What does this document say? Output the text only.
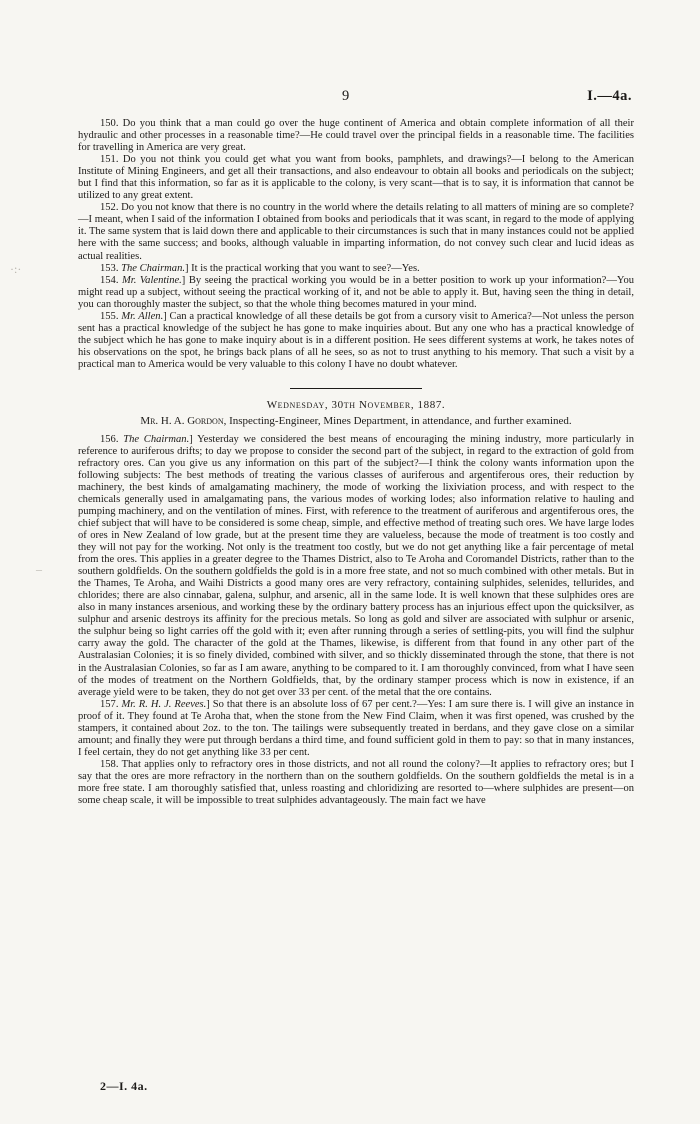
9	I.—4a.
·:·
–

150. Do you think that a man could go over the huge continent of America and obtain complete information of all their hydraulic and other processes in a reasonable time?—He could travel over the principal fields in a reasonable time. The facilities for travelling in America are very great.

151. Do you not think you could get what you want from books, pamphlets, and drawings?—I belong to the American Institute of Mining Engineers, and get all their transactions, and also endeavour to obtain all books and periodicals on the subject; but I find that this information, so far as it is applicable to the colony, is very scant—that is to say, it is information that cannot be utilized to any great extent.

152. Do you not know that there is no country in the world where the details relating to all matters of mining are so complete?—I meant, when I said of the information I obtained from books and periodicals that it was scant, in regard to the mode of applying it. The same system that is laid down there and applicable to their circumstances is such that in many instances could not be applied here with the same success; and books, although valuable in imparting information, do not convey such clear and lucid ideas as actual realities.

153. The Chairman.] It is the practical working that you want to see?—Yes.

154. Mr. Valentine.] By seeing the practical working you would be in a better position to work up your information?—You might read up a subject, without seeing the practical working of it, and not be able to apply it. But, having seen the thing in detail, you can thoroughly master the subject, so that the whole thing becomes matured in your mind.

155. Mr. Allen.] Can a practical knowledge of all these details be got from a cursory visit to America?—Not unless the person sent has a practical knowledge of the subject he has gone to make inquiries about. But any one who has a practical knowledge of the subject which he has gone to make inquiry about is in a different position. He sees different systems at work, he takes notes of his observations on the spot, he brings back plans of all he sees, so as not to trust anything to his memory. That such a visit by a practical man to America would be very valuable to this colony I have no doubt whatever.

Wednesday, 30th November, 1887.
Mr. H. A. Gordon, Inspecting-Engineer, Mines Department, in attendance, and further examined.

156. The Chairman.] Yesterday we considered the best means of encouraging the mining industry, more particularly in reference to auriferous drifts; to day we propose to consider the second part of the subject, in regard to the extraction of gold from refractory ores. Can you give us any information on this part of the subject?—I think the colony wants information upon the following subjects: The best methods of treating the various classes of auriferous and argentiferous ores, their reduction by machinery, the best kinds of amalgamating machinery, the mode of working the lixiviation process, and with respect to the chemicals generally used in amalgamating pans, the various modes of working lodes; also information relative to hauling and pumping machinery, and on the ventilation of mines. First, with reference to the treatment of auriferous and argentiferous ores, the chief subject that will have to be considered is some cheap, simple, and effective method of treating such ores. We have large lodes of ores in New Zealand of low grade, but at the present time they are valueless, because the mode of treatment is too costly and they will not pay for the working. Not only is the treatment too costly, but we do not get anything like a fair percentage of metal from the ores. This applies in a greater degree to the Thames District, also to Te Aroha and Coromandel Districts, rather than to the southern goldfields. On the southern goldfields the gold is in a more free state, and not so much combined with other metals. But in the Thames, Te Aroha, and Waihi Districts a good many ores are very refractory, containing sulphides, selenides, tellurides, and chlorides; there are also cinnabar, galena, sulphur, and arsenic, all in the same lode. It is well known that these sulphides ores are also in many instances arsenious, and working these by the ordinary battery process has an injurious effect upon the quicksilver, as sulphur and arsenic destroys its affinity for the precious metals. So long as gold and silver are associated with sulphur or arsenic, the sulphur being so light carries off the gold with it; even after running through a series of settling-pits, you will find the sulphur carry away the gold. The character of the gold at the Thames, likewise, is different from that found in any other part of the Australasian Colonies; it is so finely divided, combined with silver, and so thickly disseminated through the stone, that there is not in the Australasian Colonies, so far as I am aware, anything to be compared to it. I am thoroughly convinced, from what I have seen of the modes of treatment on the Northern Goldfields, that, by the ordinary stamper process which is now in existence, if an average yield were to be taken, they do not get over 33 per cent. of the metal that the ore contains.

157. Mr. R. H. J. Reeves.] So that there is an absolute loss of 67 per cent.?—Yes: I am sure there is. I will give an instance in proof of it. They found at Te Aroha that, when the stone from the New Find Claim, when it was first opened, was crushed by the stampers, it contained about 2oz. to the ton. The tailings were subsequently treated in berdans, and they gave close on a similar amount; and finally they were put through berdans a third time, and found sufficient gold in them to pay: so that in many instances, I feel certain, they do not get anything like 33 per cent.

158. That applies only to refractory ores in those districts, and not all round the colony?—It applies to refractory ores; but I say that the ores are more refractory in the northern than on the southern goldfields. On the southern goldfields the metal is in a more free state. I am thoroughly satisfied that, unless roasting and chloridizing are resorted to—where sulphides are present—on some cheap scale, it will be impossible to treat sulphides advantageously. The main fact we have

2—I. 4a.
